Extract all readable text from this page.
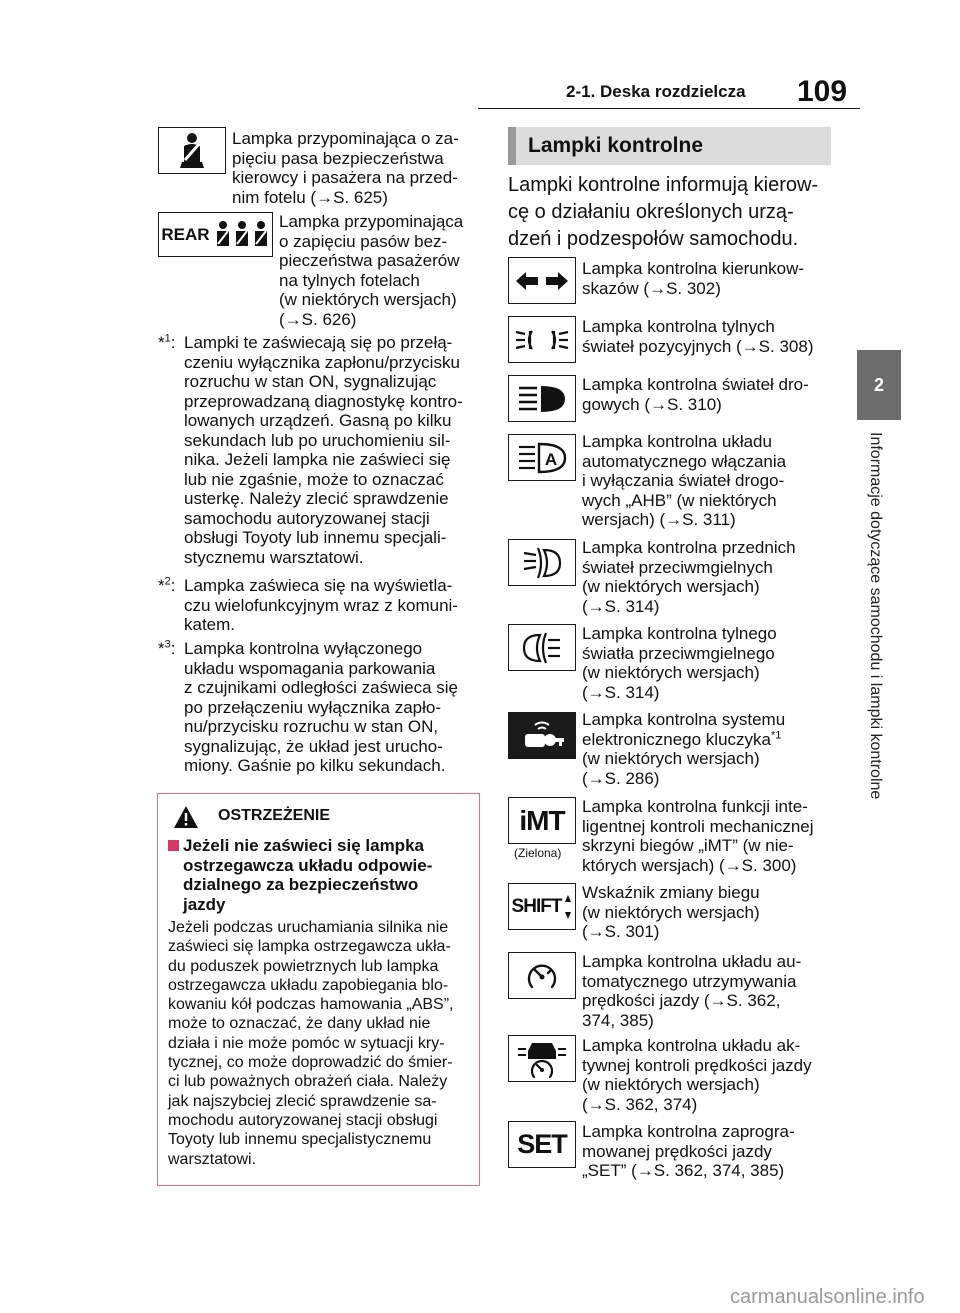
2-1. Deska rozdzielcza 109
2
Informacje dotyczące samochodu i lampki kontrolne
Lampka przypominająca o za-
pięciu pasa bezpieczeństwa
kierowcy i pasażera na przed-
nim fotelu (→S. 625)
REAR
Lampka przypominająca
o zapięciu pasów bez-
pieczeństwa pasażerów
na tylnych fotelach
(w niektórych wersjach)
(→S. 626)
*$^1$: Lampki te zaświecają się po przełą-
czeniu wyłącznika zapłonu/przycisku
rozruchu w stan ON, sygnalizując
przeprowadzaną diagnostykę kontro-
lowanych urządzeń. Gasną po kilku
sekundach lub po uruchomieniu sil-
nika. Jeżeli lampka nie zaświeci się
lub nie zgaśnie, może to oznaczać
usterkę. Należy zlecić sprawdzenie
samochodu autoryzowanej stacji
obsługi Toyoty lub innemu specjali-
stycznemu warsztatowi.
*$^2$: Lampka zaświeca się na wyświetla-
czu wielofunkcyjnym wraz z komuni-
katem.
*$^3$: Lampka kontrolna wyłączonego
układu wspomagania parkowania
z czujnikami odległości zaświeca się
po przełączeniu wyłącznika zapło-
nu/przycisku rozruchu w stan ON,
sygnalizując, że układ jest urucho-
miony. Gaśnie po kilku sekundach.
OSTRZEŻENIE
Jeżeli nie zaświeci się lampka
ostrzegawcza układu odpowie-
dzialnego za bezpieczeństwo
jazdy
Jeżeli podczas uruchamiania silnika nie
zaświeci się lampka ostrzegawcza ukła-
du poduszek powietrznych lub lampka
ostrzegawcza układu zapobiegania blo-
kowaniu kół podczas hamowania „ABS”,
może to oznaczać, że dany układ nie
działa i nie może pomóc w sytuacji kry-
tycznej, co może doprowadzić do śmier-
ci lub poważnych obrażeń ciała. Należy
jak najszybciej zlecić sprawdzenie sa-
mochodu autoryzowanej stacji obsługi
Toyoty lub innemu specjalistycznemu
warsztatowi.
Lampki kontrolne
Lampki kontrolne informują kierow-
cę o działaniu określonych urzą-
dzeń i podzespołów samochodu.
Lampka kontrolna kierunkow-
skazów (→S. 302)
Lampka kontrolna tylnych
świateł pozycyjnych (→S. 308)
Lampka kontrolna świateł dro-
gowych (→S. 310)
A
Lampka kontrolna układu
automatycznego włączania
i wyłączania świateł drogo-
wych „AHB” (w niektórych
wersjach) (→S. 311)
Lampka kontrolna przednich
świateł przeciwmgielnych
(w niektórych wersjach)
(→S. 314)
Lampka kontrolna tylnego
światła przeciwmgielnego
(w niektórych wersjach)
(→S. 314)
Lampka kontrolna systemu
elektronicznego kluczyka$^{*1}$
(w niektórych wersjach)
(→S. 286)
iMT
(Zielona)
Lampka kontrolna funkcji inte-
ligentnej kontroli mechanicznej
skrzyni biegów „iMT” (w nie-
których wersjach) (→S. 300)
SHIFT
Wskaźnik zmiany biegu
(w niektórych wersjach)
(→S. 301)
Lampka kontrolna układu au-
tomatycznego utrzymywania
prędkości jazdy (→S. 362,
374, 385)
Lampka kontrolna układu ak-
tywnej kontroli prędkości jazdy
(w niektórych wersjach)
(→S. 362, 374)
SET Lampka kontrolna zaprogra-
mowanej prędkości jazdy
„SET” (→S. 362, 374, 385)
carmanualsonline.info
